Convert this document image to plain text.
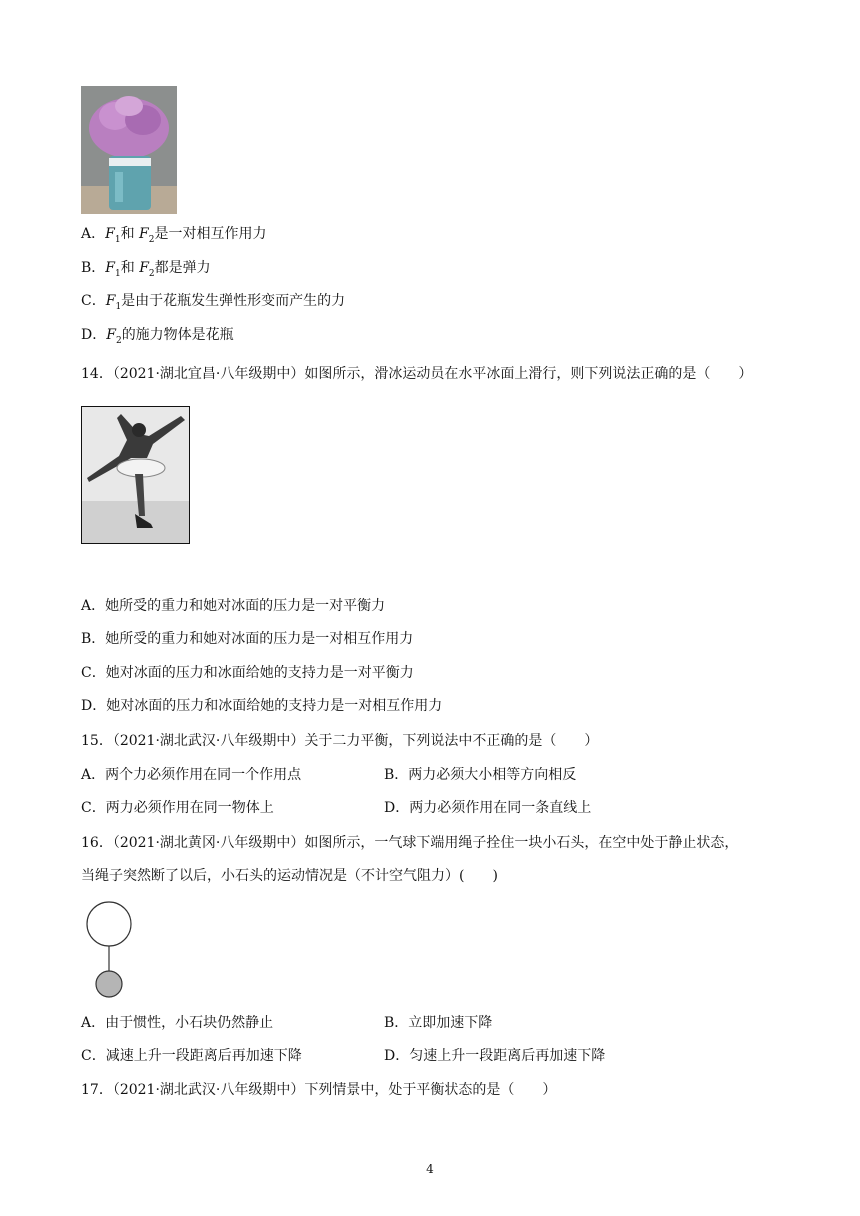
A．$F_1$和 $F_2$是一对相互作用力
B．$F_1$和 $F_2$都是弹力
C．$F_1$是由于花瓶发生弹性形变而产生的力
D．$F_2$的施力物体是花瓶
14．（2021·湖北宜昌·八年级期中）如图所示，滑冰运动员在水平冰面上滑行，则下列说法正确的是（　　）
A．她所受的重力和她对冰面的压力是一对平衡力
B．她所受的重力和她对冰面的压力是一对相互作用力
C．她对冰面的压力和冰面给她的支持力是一对平衡力
D．她对冰面的压力和冰面给她的支持力是一对相互作用力
15．（2021·湖北武汉·八年级期中）关于二力平衡，下列说法中不正确的是（　　）
A．两个力必须作用在同一个作用点	B．两力必须大小相等方向相反
C．两力必须作用在同一物体上	D．两力必须作用在同一条直线上
16．（2021·湖北黄冈·八年级期中）如图所示，一气球下端用绳子拴住一块小石头，在空中处于静止状态，
当绳子突然断了以后，小石头的运动情况是（不计空气阻力）(　　)
A．由于惯性，小石块仍然静止	B．立即加速下降
C．减速上升一段距离后再加速下降	D．匀速上升一段距离后再加速下降
17．（2021·湖北武汉·八年级期中）下列情景中，处于平衡状态的是（　　）
4
